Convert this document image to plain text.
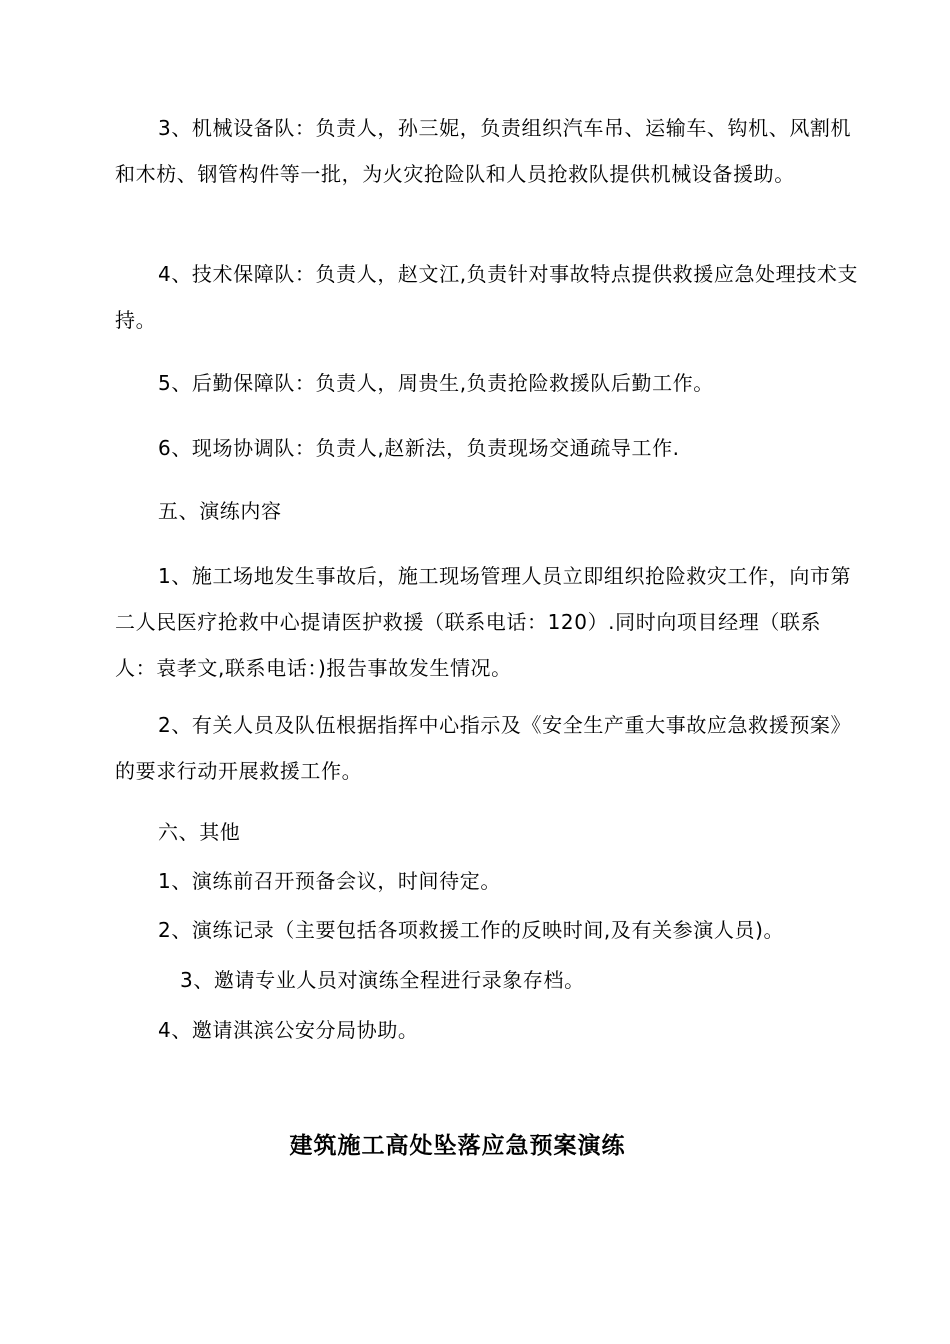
3、机械设备队：负责人，孙三妮，负责组织汽车吊、运输车、钩机、风割机和木枋、钢管构件等一批，为火灾抢险队和人员抢救队提供机械设备援助。
4、技术保障队：负责人，赵文江,负责针对事故特点提供救援应急处理技术支持。
5、后勤保障队：负责人，周贵生,负责抢险救援队后勤工作。
6、现场协调队：负责人,赵新法，负责现场交通疏导工作.
五、演练内容
1、施工场地发生事故后，施工现场管理人员立即组织抢险救灾工作，向市第二人民医疗抢救中心提请医护救援（联系电话：120）.同时向项目经理（联系人：袁孝文,联系电话：)报告事故发生情况。
2、有关人员及队伍根据指挥中心指示及《安全生产重大事故应急救援预案》的要求行动开展救援工作。
六、其他
1、演练前召开预备会议，时间待定。
2、演练记录（主要包括各项救援工作的反映时间,及有关参演人员)。
3、邀请专业人员对演练全程进行录象存档。
4、邀请淇滨公安分局协助。
建筑施工高处坠落应急预案演练
